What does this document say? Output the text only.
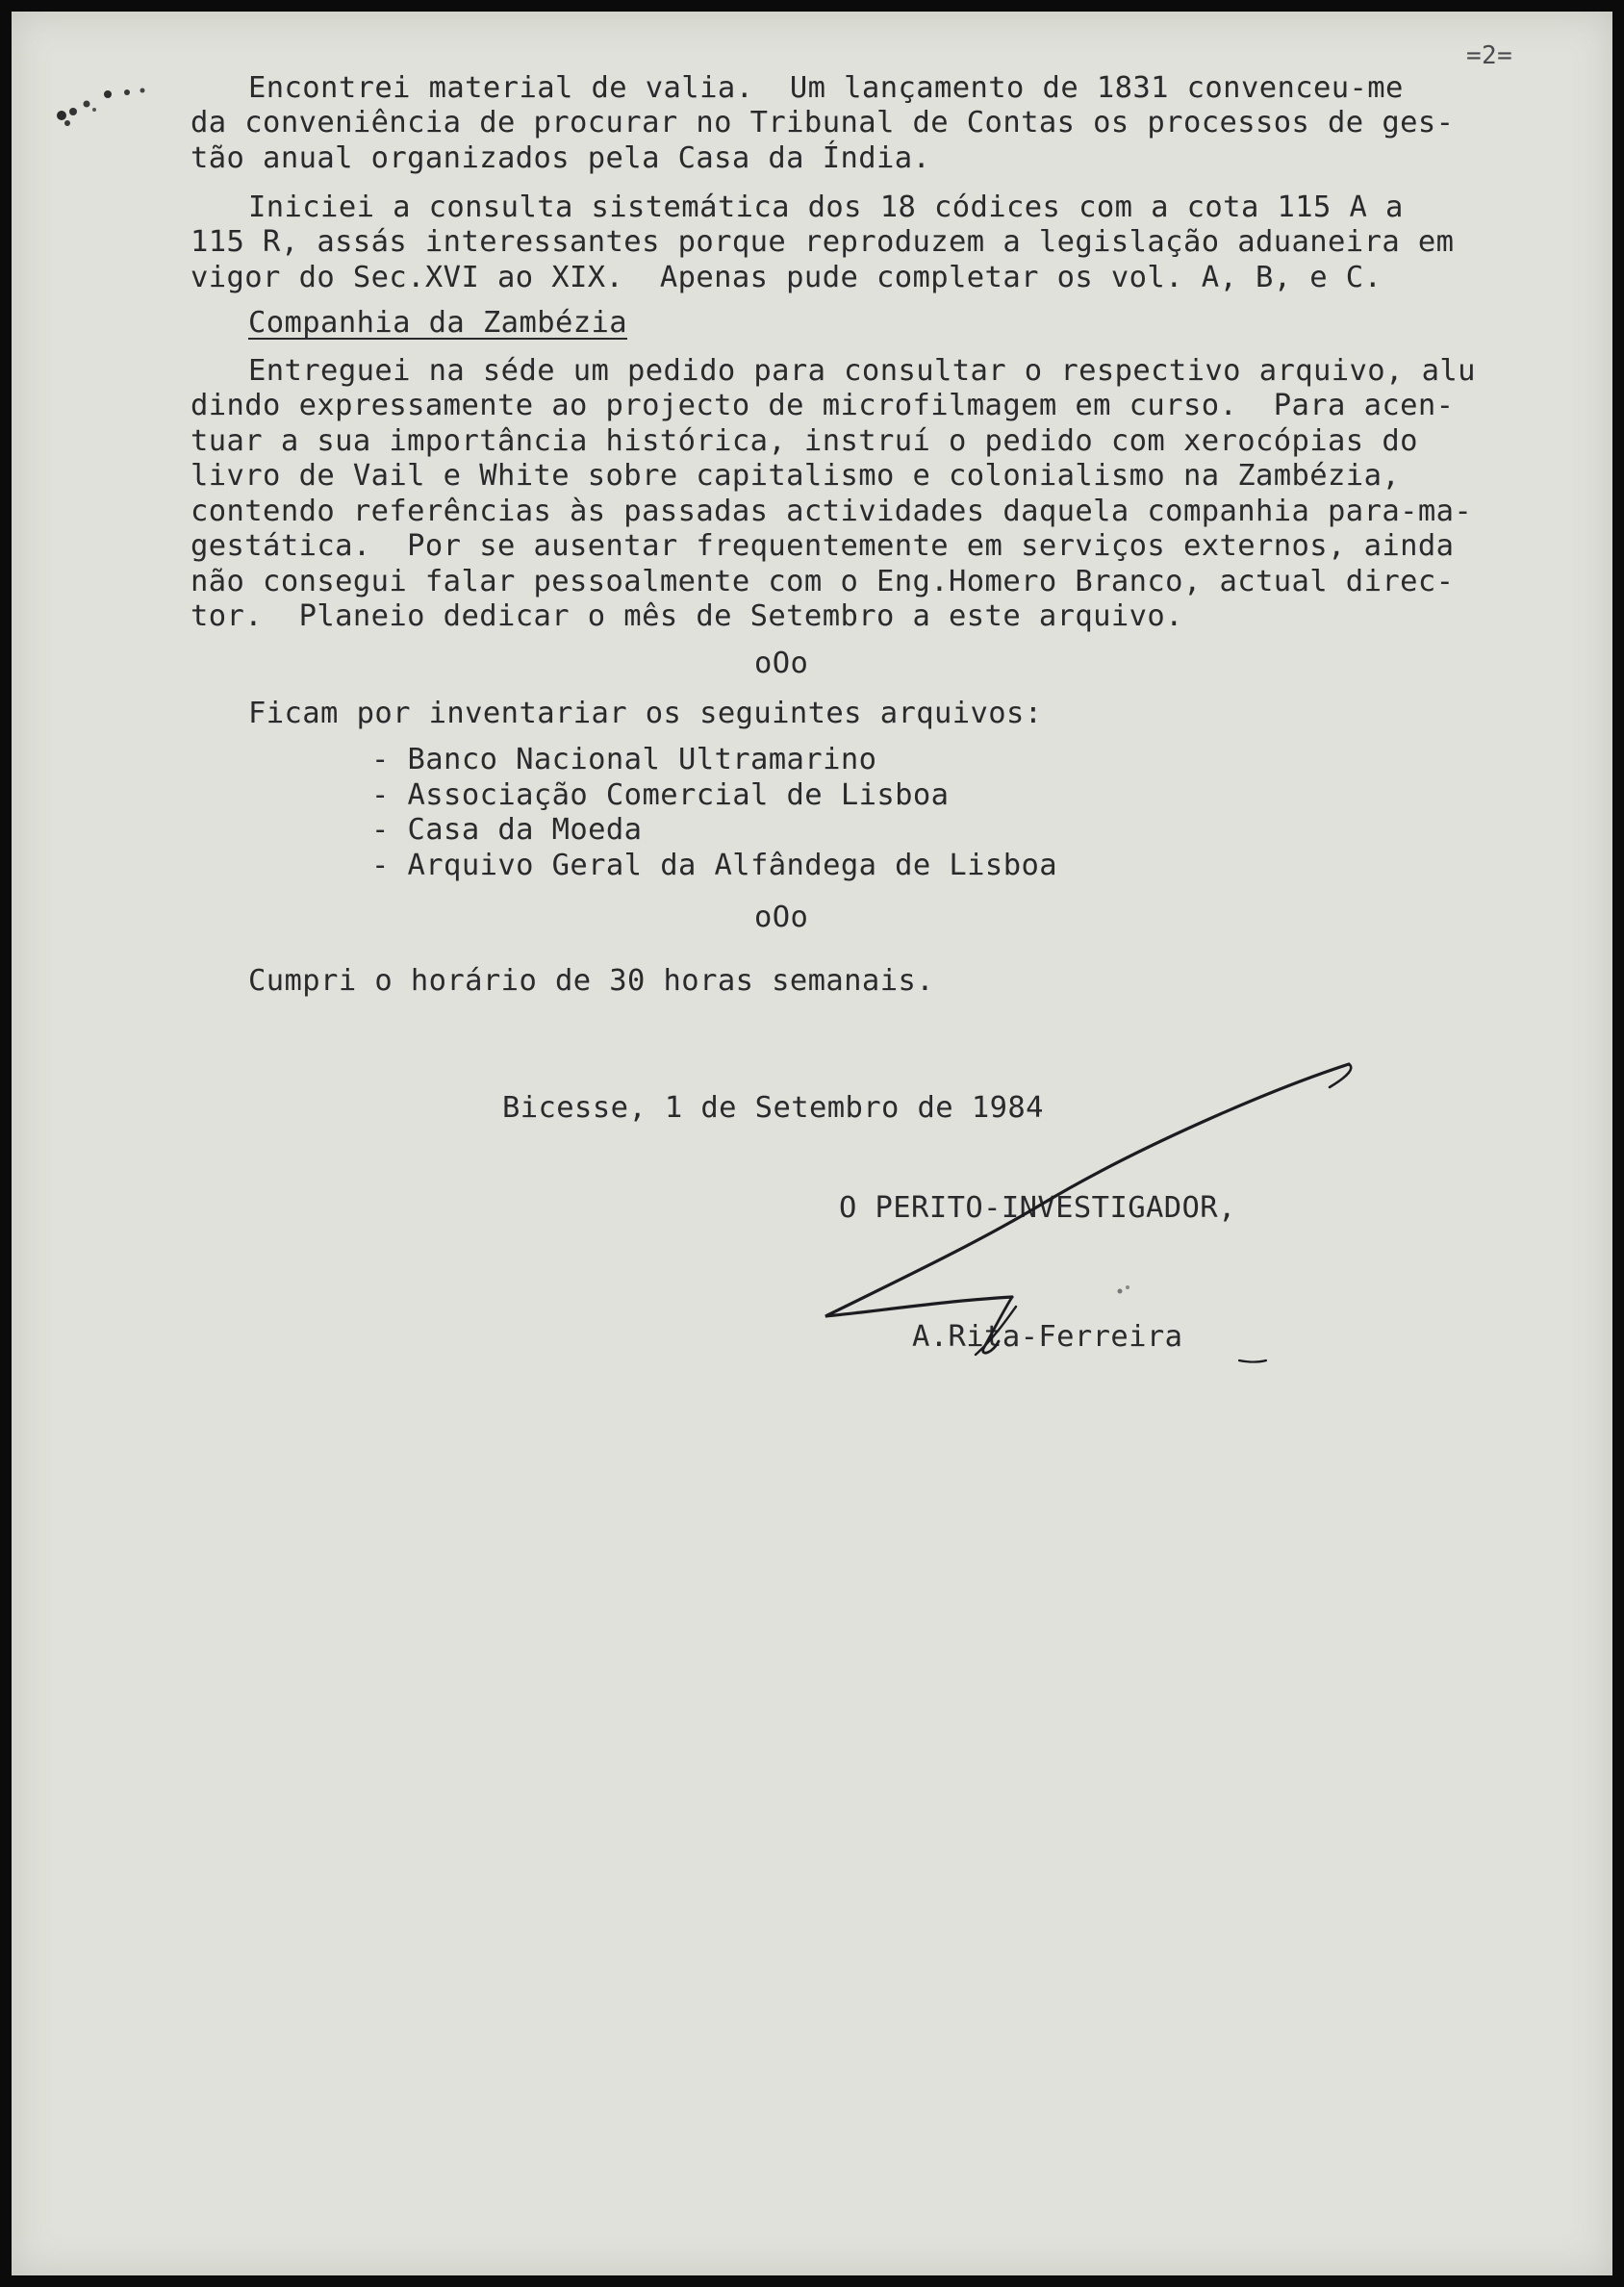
=2=
Encontrei material de valia.  Um lançamento de 1831 convenceu-me
da conveniência de procurar no Tribunal de Contas os processos de ges-
tão anual organizados pela Casa da Índia.
Iniciei a consulta sistemática dos 18 códices com a cota 115 A a
115 R, assás interessantes porque reproduzem a legislação aduaneira em
vigor do Sec.XVI ao XIX.  Apenas pude completar os vol. A, B, e C.
Companhia da Zambézia
Entreguei na séde um pedido para consultar o respectivo arquivo, alu
dindo expressamente ao projecto de microfilmagem em curso.  Para acen-
tuar a sua importância histórica, instruí o pedido com xerocópias do
livro de Vail e White sobre capitalismo e colonialismo na Zambézia,
contendo referências às passadas actividades daquela companhia para-ma-
gestática.  Por se ausentar frequentemente em serviços externos, ainda
não consegui falar pessoalmente com o Eng.Homero Branco, actual direc-
tor.  Planeio dedicar o mês de Setembro a este arquivo.
oOo
Ficam por inventariar os seguintes arquivos:
- Banco Nacional Ultramarino
- Associação Comercial de Lisboa
- Casa da Moeda
- Arquivo Geral da Alfândega de Lisboa
oOo
Cumpri o horário de 30 horas semanais.
Bicesse, 1 de Setembro de 1984
O PERITO-INVESTIGADOR,
A.Rita-Ferreira
